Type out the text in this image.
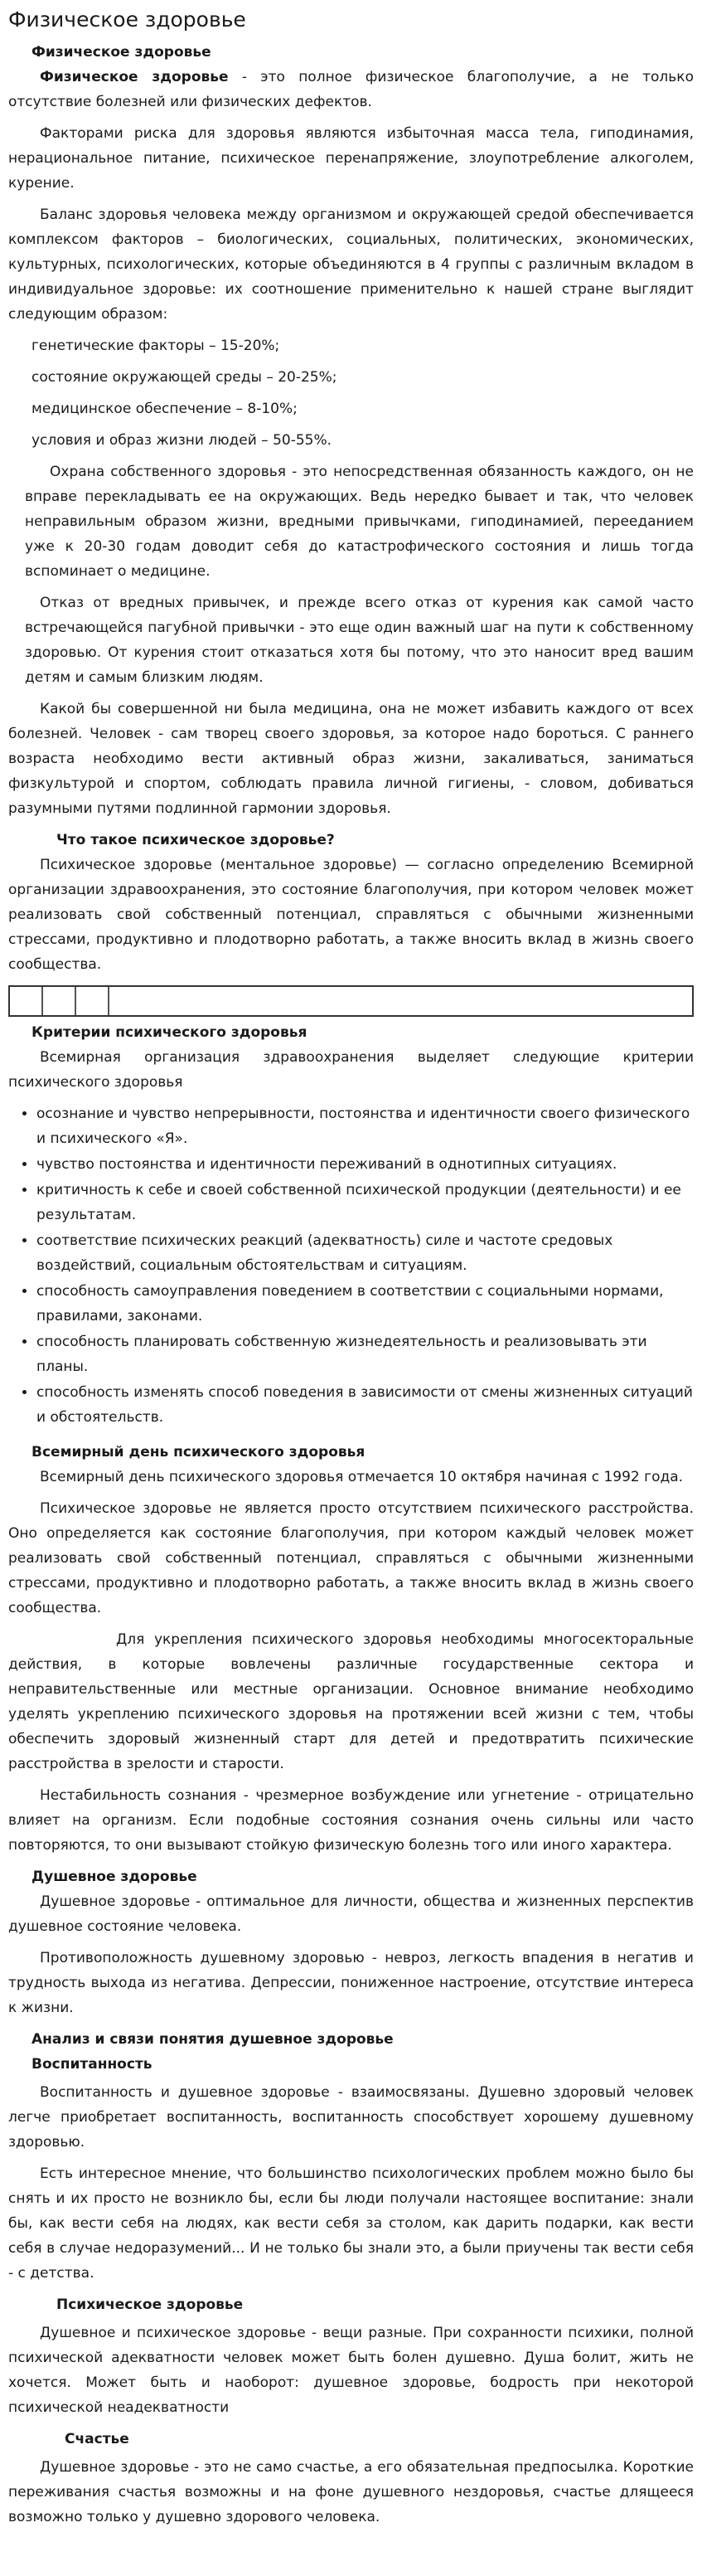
Физическое здоровье
Физическое здоровье
Физическое здоровье - это полное физическое благополучие, а не только отсутствие болезней или физических дефектов.
Факторами риска для здоровья являются избыточная масса тела, гиподинамия, нерациональное питание, психическое перенапряжение, злоупотребление алкоголем, курение.
Баланс здоровья человека между организмом и окружающей средой обеспечивается комплексом факторов – биологических, социальных, политических, экономических, культурных, психологических, которые объединяются в 4 группы с различным вкладом в индивидуальное здоровье: их соотношение применительно к нашей стране выглядит следующим образом:
генетические факторы – 15-20%;
состояние окружающей среды – 20-25%;
медицинское обеспечение – 8-10%;
условия и образ жизни людей – 50-55%.
Охрана собственного здоровья - это непосредственная обязанность каждого, он не вправе перекладывать ее на окружающих. Ведь нередко бывает и так, что человек неправильным образом жизни, вредными привычками, гиподинамией, перееданием уже к 20-30 годам доводит себя до катастрофического состояния и лишь тогда вспоминает о медицине.
Отказ от вредных привычек, и прежде всего отказ от курения как самой часто встречающейся пагубной привычки - это еще один важный шаг на пути к собственному здоровью. От курения стоит отказаться хотя бы потому, что это наносит вред вашим детям и самым близким людям.
Какой бы совершенной ни была медицина, она не может избавить каждого от всех болезней. Человек - сам творец своего здоровья, за которое надо бороться. С раннего возраста необходимо вести активный образ жизни, закаливаться, заниматься физкультурой и спортом, соблюдать правила личной гигиены, - словом, добиваться разумными путями подлинной гармонии здоровья.
Что такое психическое здоровье?
Психическое здоровье (ментальное здоровье) — согласно определению Всемирной организации здравоохранения, это состояние благополучия, при котором человек может реализовать свой собственный потенциал, справляться с обычными жизненными стрессами, продуктивно и плодотворно работать, а также вносить вклад в жизнь своего сообщества.
Критерии психического здоровья
Всемирная организация здравоохранения выделяет следующие критерии психического здоровья
• осознание и чувство непрерывности, постоянства и идентичности своего физического и психического «Я».
• чувство постоянства и идентичности переживаний в однотипных ситуациях.
• критичность к себе и своей собственной психической продукции (деятельности) и ее результатам.
• соответствие психических реакций (адекватность) силе и частоте средовых воздействий, социальным обстоятельствам и ситуациям.
• способность самоуправления поведением в соответствии с социальными нормами, правилами, законами.
• способность планировать собственную жизнедеятельность и реализовывать эти планы.
• способность изменять способ поведения в зависимости от смены жизненных ситуаций и обстоятельств.
Всемирный день психического здоровья
Всемирный день психического здоровья отмечается 10 октября начиная с 1992 года.
Психическое здоровье не является просто отсутствием психического расстройства. Оно определяется как состояние благополучия, при котором каждый человек может реализовать свой собственный потенциал, справляться с обычными жизненными стрессами, продуктивно и плодотворно работать, а также вносить вклад в жизнь своего сообщества.
Для укрепления психического здоровья необходимы многосекторальные действия, в которые вовлечены различные государственные сектора и неправительственные или местные организации. Основное внимание необходимо уделять укреплению психического здоровья на протяжении всей жизни с тем, чтобы обеспечить здоровый жизненный старт для детей и предотвратить психические расстройства в зрелости и старости.
Нестабильность сознания - чрезмерное возбуждение или угнетение - отрицательно влияет на организм. Если подобные состояния сознания очень сильны или часто повторяются, то они вызывают стойкую физическую болезнь того или иного характера.
Душевное здоровье
Душевное здоровье - оптимальное для личности, общества и жизненных перспектив душевное состояние человека.
Противоположность душевному здоровью - невроз, легкость впадения в негатив и трудность выхода из негатива. Депрессии, пониженное настроение, отсутствие интереса к жизни.
Анализ и связи понятия душевное здоровье
Воспитанность
Воспитанность и душевное здоровье - взаимосвязаны. Душевно здоровый человек легче приобретает воспитанность, воспитанность способствует хорошему душевному здоровью.
Есть интересное мнение, что большинство психологических проблем можно было бы снять и их просто не возникло бы, если бы люди получали настоящее воспитание: знали бы, как вести себя на людях, как вести себя за столом, как дарить подарки, как вести себя в случае недоразумений... И не только бы знали это, а были приучены так вести себя - с детства.
Психическое здоровье
Душевное и психическое здоровье - вещи разные. При сохранности психики, полной психической адекватности человек может быть болен душевно. Душа болит, жить не хочется. Может быть и наоборот: душевное здоровье, бодрость при некоторой психической неадекватности
Счастье
Душевное здоровье - это не само счастье, а его обязательная предпосылка. Короткие переживания счастья возможны и на фоне душевного нездоровья, счастье длящееся возможно только у душевно здорового человека.
